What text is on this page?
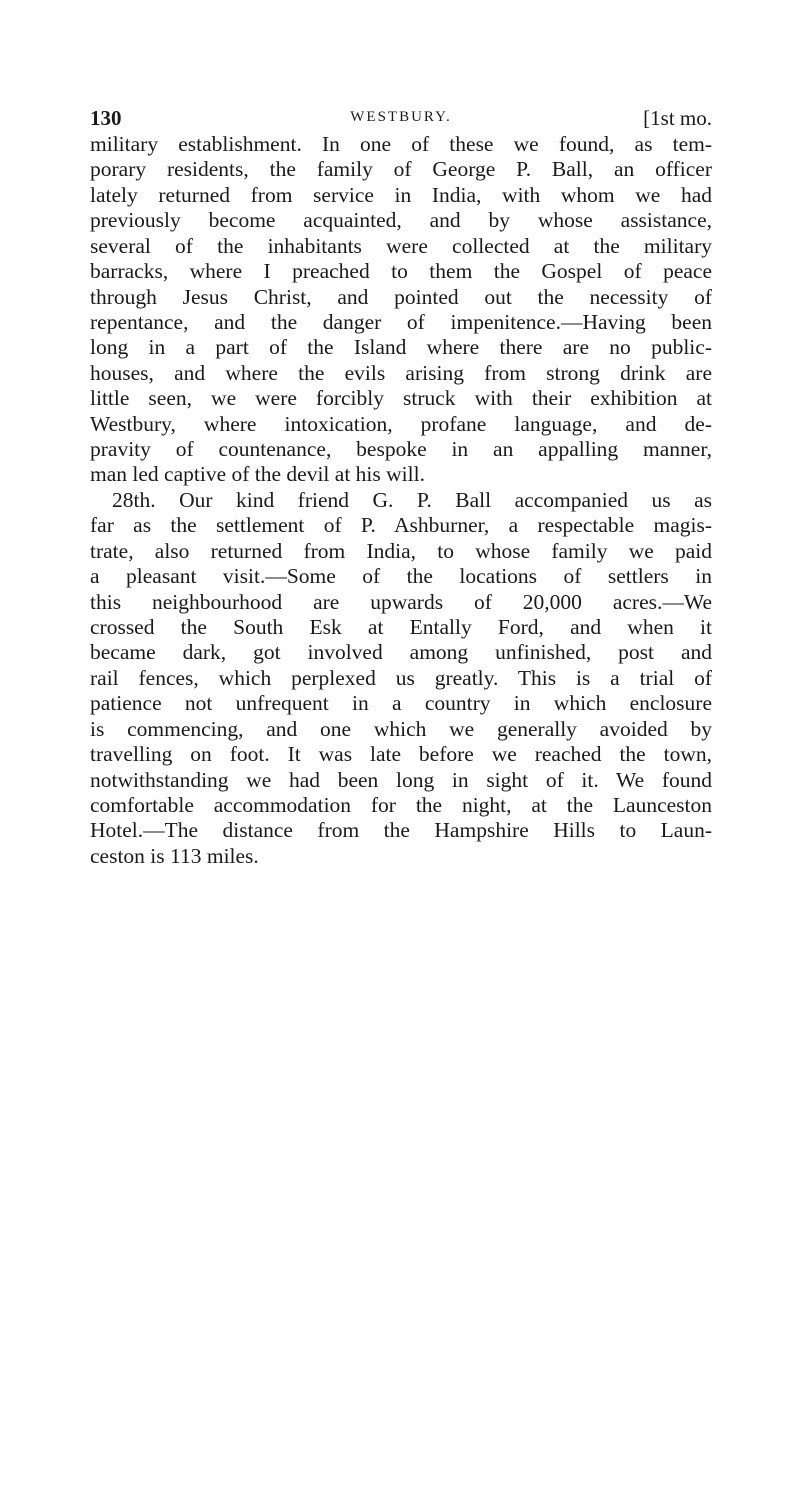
130	WESTBURY.	[1st mo.
military establishment. In one of these we found, as tem-
porary residents, the family of George P. Ball, an officer
lately returned from service in India, with whom we had
previously become acquainted, and by whose assistance,
several of the inhabitants were collected at the military
barracks, where I preached to them the Gospel of peace
through Jesus Christ, and pointed out the necessity of
repentance, and the danger of impenitence.—Having been
long in a part of the Island where there are no public-
houses, and where the evils arising from strong drink are
little seen, we were forcibly struck with their exhibition at
Westbury, where intoxication, profane language, and de-
pravity of countenance, bespoke in an appalling manner,
man led captive of the devil at his will.
28th. Our kind friend G. P. Ball accompanied us as
far as the settlement of P. Ashburner, a respectable magis-
trate, also returned from India, to whose family we paid
a pleasant visit.—Some of the locations of settlers in
this neighbourhood are upwards of 20,000 acres.—We
crossed the South Esk at Entally Ford, and when it
became dark, got involved among unfinished, post and
rail fences, which perplexed us greatly. This is a trial of
patience not unfrequent in a country in which enclosure
is commencing, and one which we generally avoided by
travelling on foot. It was late before we reached the town,
notwithstanding we had been long in sight of it. We found
comfortable accommodation for the night, at the Launceston
Hotel.—The distance from the Hampshire Hills to Laun-
ceston is 113 miles.
